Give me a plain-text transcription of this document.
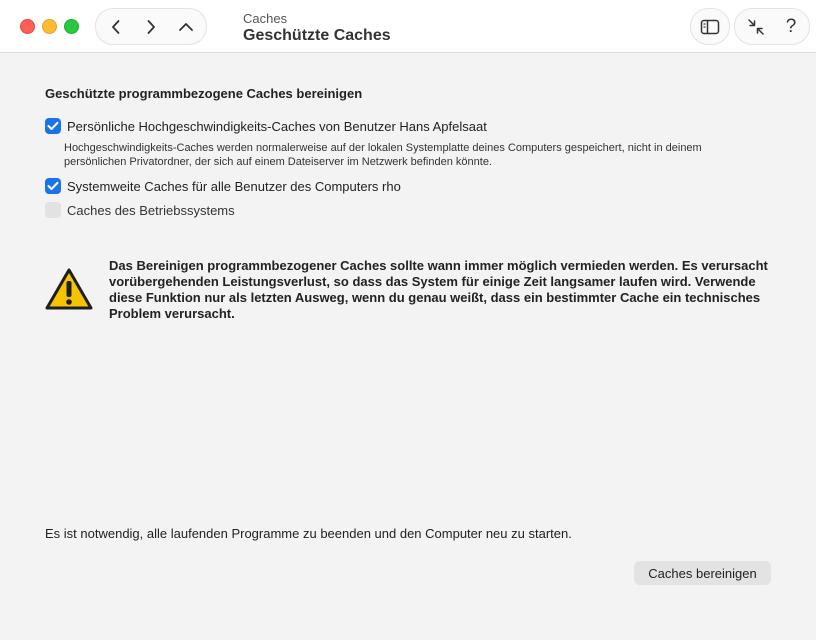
Caches
Geschützte Caches	?
Geschützte programmbezogene Caches bereinigen
Persönliche Hochgeschwindigkeits-Caches von Benutzer Hans Apfelsaat
Hochgeschwindigkeits-Caches werden normalerweise auf der lokalen Systemplatte deines Computers gespeichert, nicht in deinem persönlichen Privatordner, der sich auf einem Dateiserver im Netzwerk befinden könnte.
Systemweite Caches für alle Benutzer des Computers rho
Caches des Betriebssystems
Das Bereinigen programmbezogener Caches sollte wann immer möglich vermieden werden. Es verursacht vorübergehenden Leistungsverlust, so dass das System für einige Zeit langsamer laufen wird. Verwende diese Funktion nur als letzten Ausweg, wenn du genau weißt, dass ein bestimmter Cache ein technisches Problem verursacht.
Es ist notwendig, alle laufenden Programme zu beenden und den Computer neu zu starten.
Caches bereinigen
